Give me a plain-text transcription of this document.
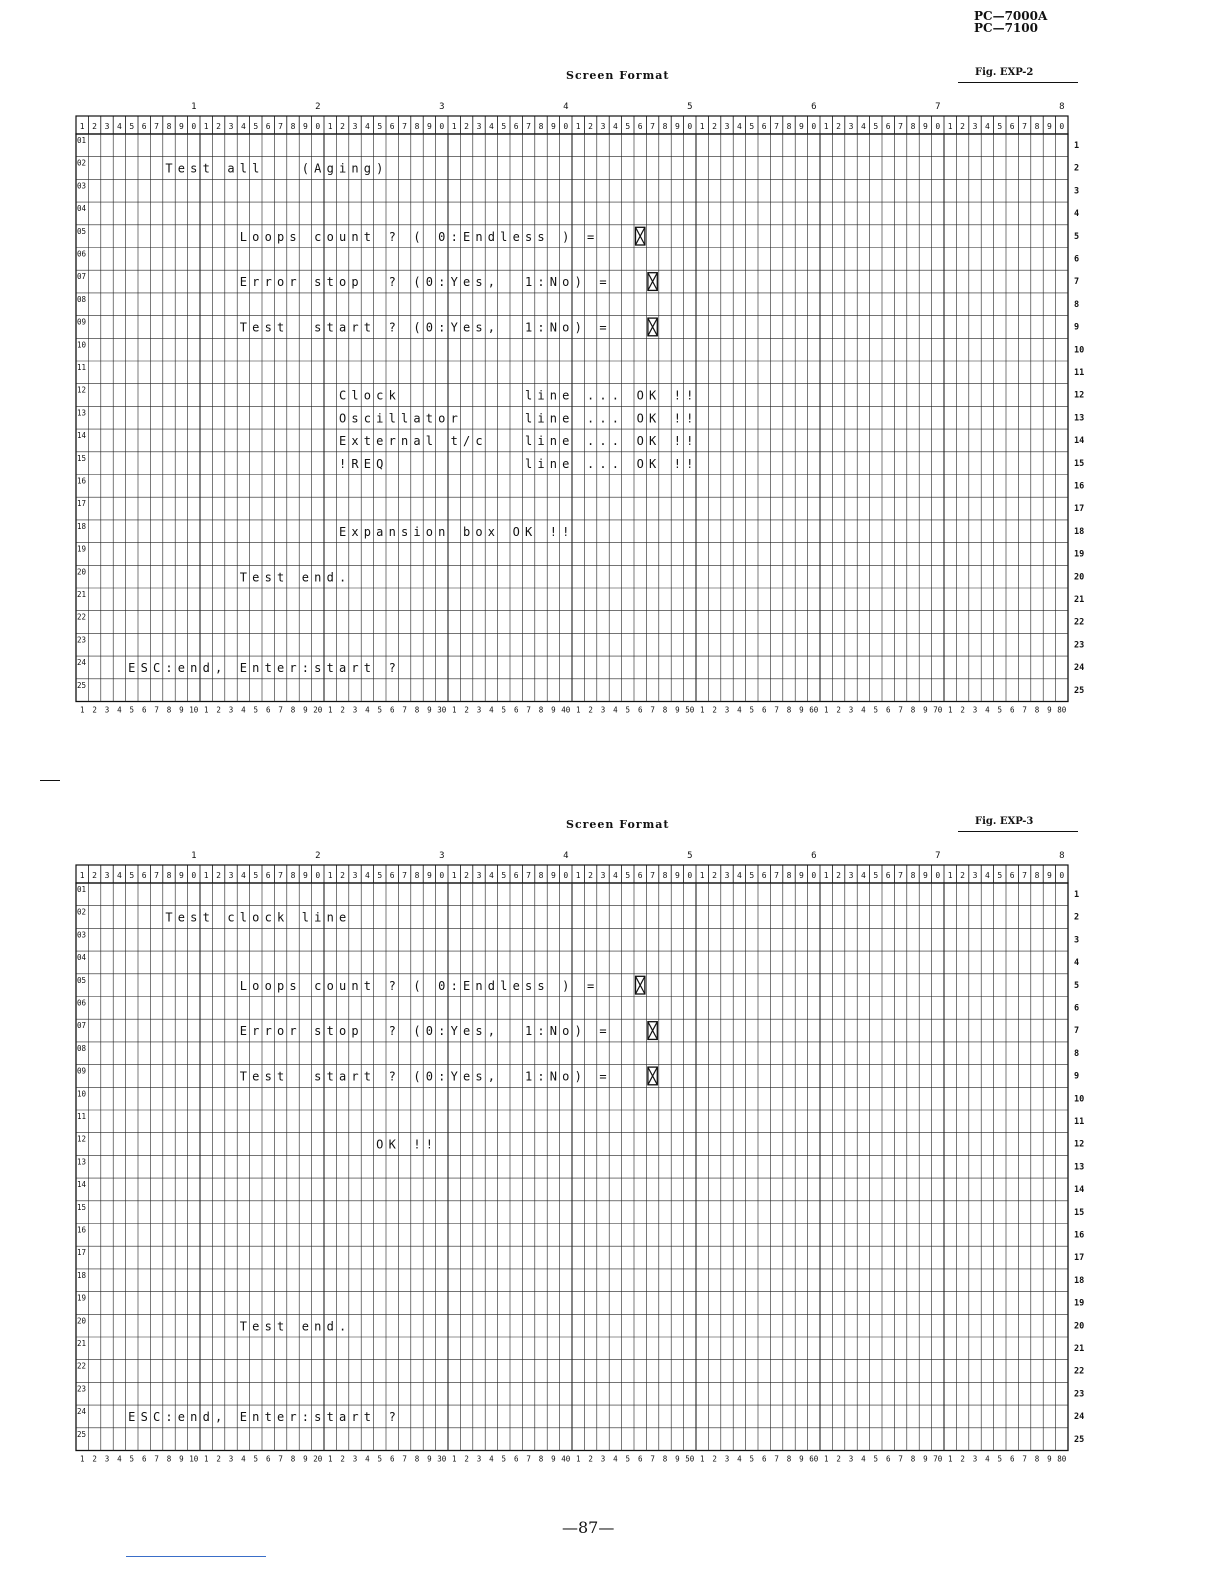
PC—7000A
PC—7100
Screen Format	Fig. EXP-2
1	2	3	4	5	6	7	8
1 2 3 4 5 6 7 8 9 0 1 2 3 4 5 6 7 8 9 0 1 2 3 4 5 6 7 8 9 0 1 2 3 4 5 6 7 8 9 0 1 2 3 4 5 6 7 8 9 0 1 2 3 4 5 6 7 8 9 0 1 2 3 4 5 6 7 8 9 0 1 2 3 4 5 6 7 8 9 0
01
1
02
2
03
3
04
4
05
5
06
6
07
7
08
8
09
9
10
10
11
11
12
12
13
13
14
14
15
15
16
16
17
17
18
18
19
19
20
20
21
21
22
22
23
23
24
24
25
25
1 2 3 4 5 6 7 8 9 10 1 2 3 4 5 6 7 8 9 20 1 2 3 4 5 6 7 8 9 30 1 2 3 4 5 6 7 8 9 40 1 2 3 4 5 6 7 8 9 50 1 2 3 4 5 6 7 8 9 60 1 2 3 4 5 6 7 8 9 70 1 2 3 4 5 6 7 8 9 80
T e s t a l l	( A g i n g )
L o o p s c o u n t ? ( 0 : E n d l e s s ) =
E r r o r s t o p ? ( 0 : Y e s , 1 : N o ) =
T e s t s t a r t ? ( 0 : Y e s , 1 : N o ) =
C l o c k	l i n e . . . O K ! !
O s c i l l a t o r	l i n e . . . O K ! !
E x t e r n a l t / c	l i n e . . . O K ! !
! R E Q	l i n e . . . O K ! !
E x p a n s i o n b o x O K ! !
T e s t e n d .
E S C : e n d , E n t e r : s t a r t ?
Screen Format	Fig. EXP-3
1	2	3	4	5	6	7	8
1 2 3 4 5 6 7 8 9 0 1 2 3 4 5 6 7 8 9 0 1 2 3 4 5 6 7 8 9 0 1 2 3 4 5 6 7 8 9 0 1 2 3 4 5 6 7 8 9 0 1 2 3 4 5 6 7 8 9 0 1 2 3 4 5 6 7 8 9 0 1 2 3 4 5 6 7 8 9 0
01
1
02
2
03
3
04
4
05
5
06
6
07
7
08
8
09
9
10
10
11
11
12
12
13
13
14
14
15
15
16
16
17
17
18
18
19
19
20
20
21
21
22
22
23
23
24
24
25
25
1 2 3 4 5 6 7 8 9 10 1 2 3 4 5 6 7 8 9 20 1 2 3 4 5 6 7 8 9 30 1 2 3 4 5 6 7 8 9 40 1 2 3 4 5 6 7 8 9 50 1 2 3 4 5 6 7 8 9 60 1 2 3 4 5 6 7 8 9 70 1 2 3 4 5 6 7 8 9 80
T e s t c l o c k l i n e
L o o p s c o u n t ? ( 0 : E n d l e s s ) =
E r r o r s t o p ? ( 0 : Y e s , 1 : N o ) =
T e s t s t a r t ? ( 0 : Y e s , 1 : N o ) =
O K ! !
T e s t e n d .
E S C : e n d , E n t e r : s t a r t ?
—87—
